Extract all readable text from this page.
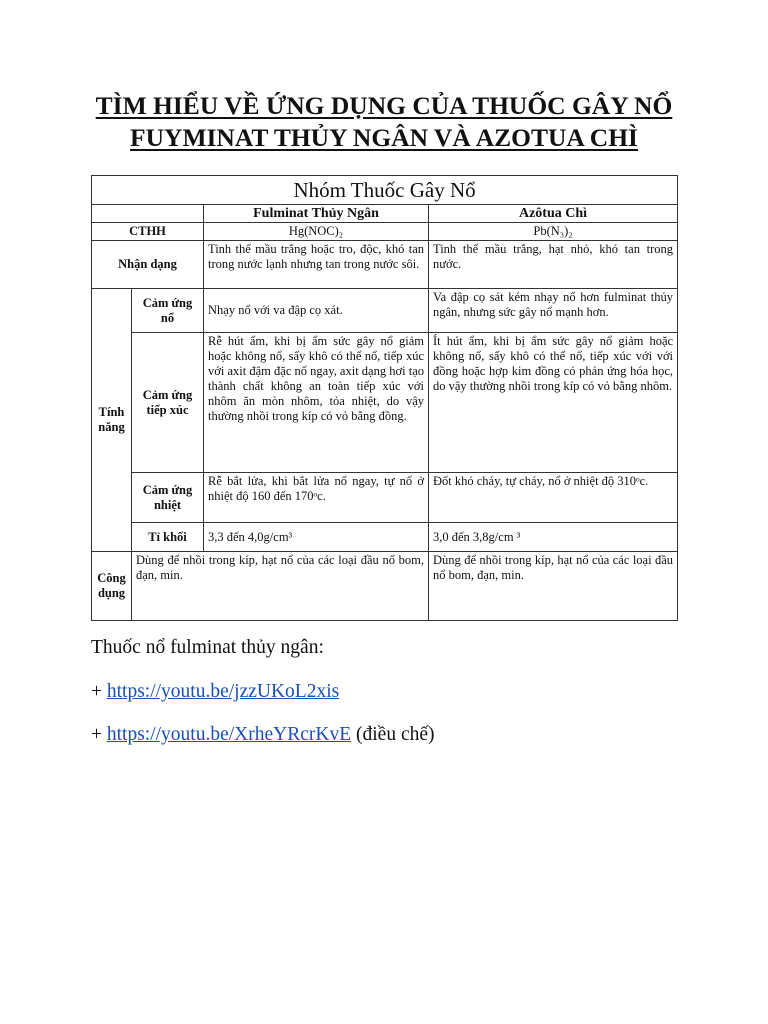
TÌM HIỂU VỀ ỨNG DỤNG CỦA THUỐC GÂY NỔ
FUYMINAT THỦY NGÂN VÀ AZOTUA CHÌ
Nhóm Thuốc Gây Nổ			
		Fulminat Thủy Ngân	Azôtua Chì
CTHH		Hg(NOC)₂	Pb(N₃)₂
Nhận dạng		Tinh thể mầu trắng hoặc tro, độc, khó tan trong nước lạnh nhưng tan trong nước sôi.	Tinh thể mầu trắng, hạt nhỏ, khó tan trong nước.
Tính năng	Cảm ứng nổ	Nhạy nổ với va đập cọ xát.	Va đập cọ sát kém nhạy nổ hơn fulminat thủy ngân, nhưng sức gây nổ mạnh hơn.
	Cảm ứng tiếp xúc	Rễ hút ẩm, khi bị ẩm sức gây nổ giảm hoặc không nổ, sấy khô có thể nổ, tiếp xúc với axit đậm đặc nổ ngay, axit dạng hơi tạo thành chất không an toàn tiếp xúc với nhôm ăn mòn nhôm, tỏa nhiệt, do vậy thường nhồi trong kíp có vỏ bằng đồng.	Ít hút ẩm, khi bị ẩm sức gây nổ giảm hoặc không nổ, sấy khô có thể nổ, tiếp xúc với với đồng hoặc hợp kim đồng có phản ứng hóa học, do vậy thường nhồi trong kíp có vỏ bằng nhôm.
	Cảm ứng nhiệt	Rễ bắt lửa, khi bắt lửa nổ ngay, tự nổ ở nhiệt độ 160 đến 170ᵒc.	Đốt khó cháy, tự cháy, nổ ở nhiệt độ 310ᵒc.
	Tỉ khối	3,3 đến 4,0g/cm³	3,0 đến 3,8g/cm ³
Công dụng	Dùng để nhồi trong kíp, hạt nổ của các loại đầu nổ bom, đạn, min.		Dùng để nhồi trong kíp, hạt nổ của các loại đầu nổ bom, đạn, min.
Thuốc nổ fulminat thủy ngân:
+ https://youtu.be/jzzUKoL2xis
+ https://youtu.be/XrheYRcrKvE (điều chế)
